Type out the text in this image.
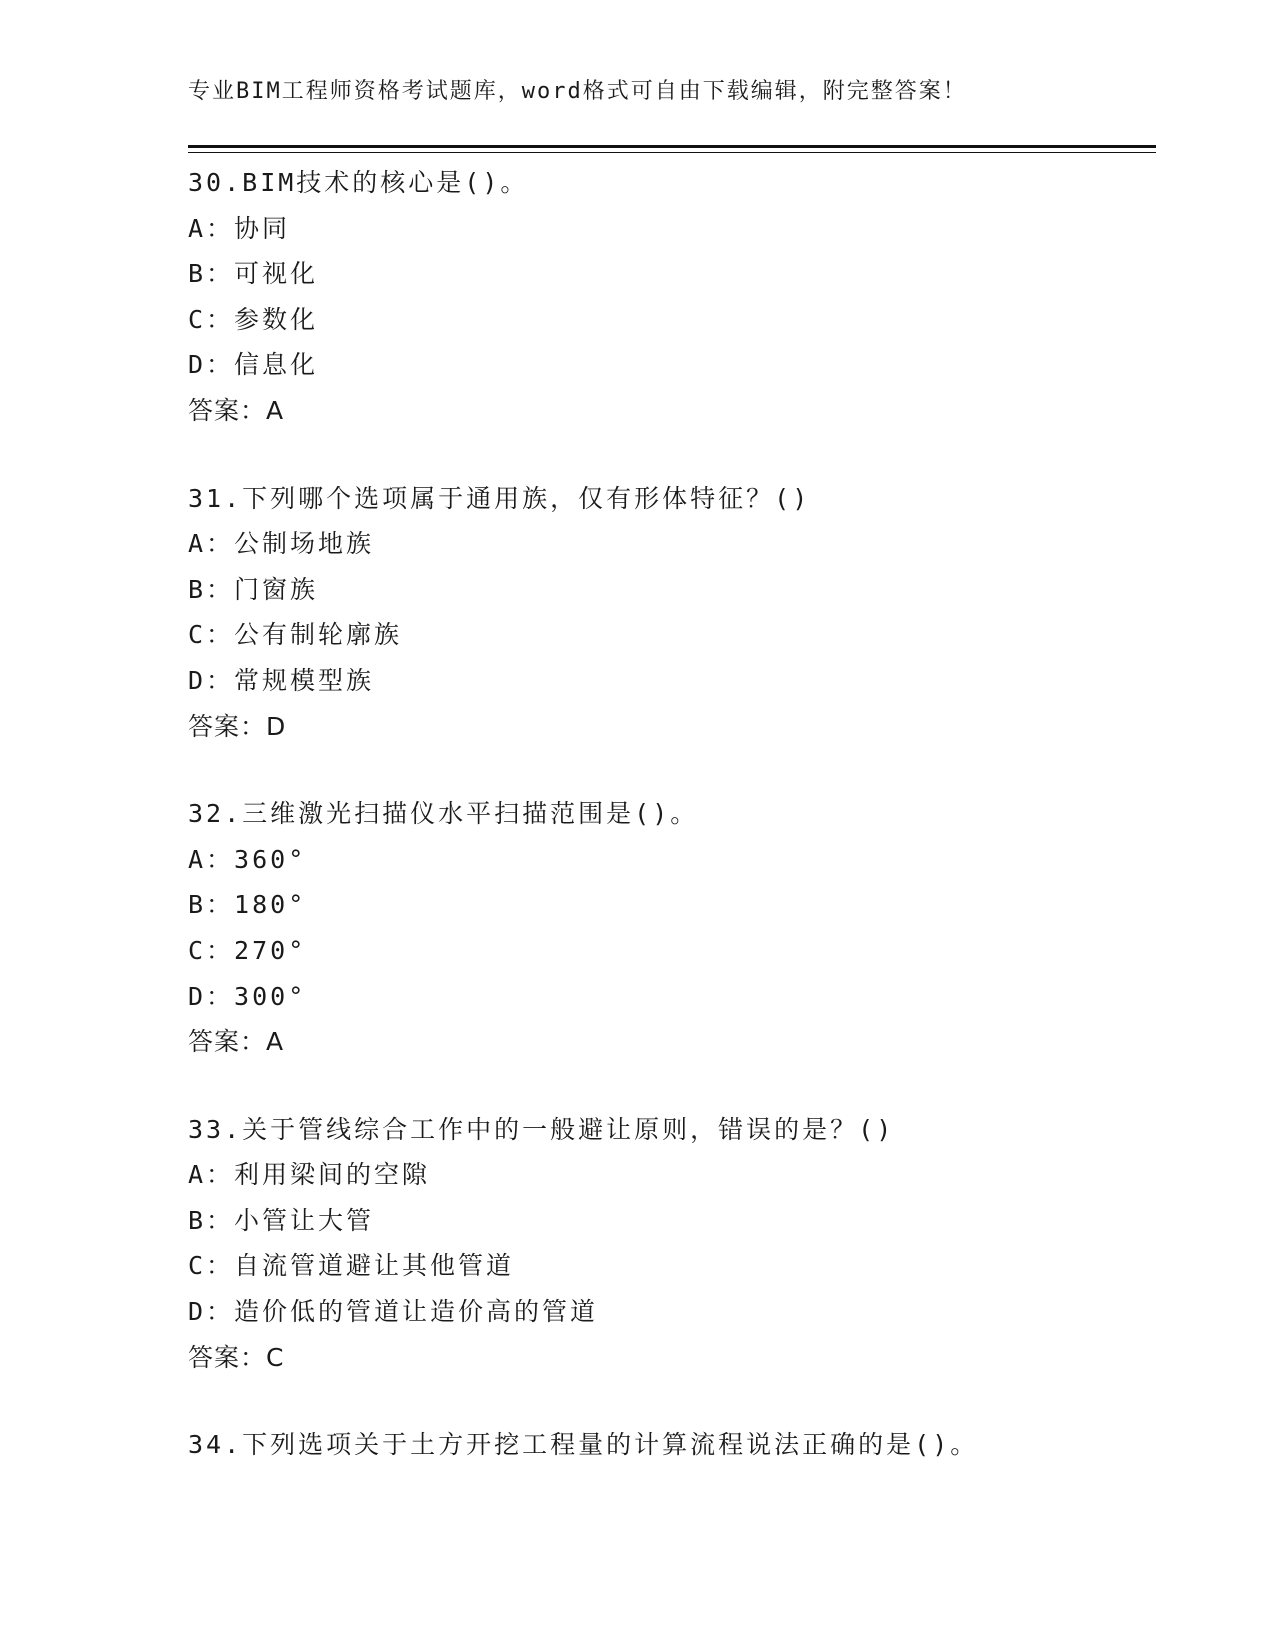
专业BIM工程师资格考试题库，word格式可自由下载编辑，附完整答案！
30.BIM技术的核心是()。
A：协同
B：可视化
C：参数化
D：信息化
答案：A
31.下列哪个选项属于通用族，仅有形体特征？()
A：公制场地族
B：门窗族
C：公有制轮廓族
D：常规模型族
答案：D
32.三维激光扫描仪水平扫描范围是()。
A：360°
B：180°
C：270°
D：300°
答案：A
33.关于管线综合工作中的一般避让原则，错误的是？()
A：利用梁间的空隙
B：小管让大管
C：自流管道避让其他管道
D：造价低的管道让造价高的管道
答案：C
34.下列选项关于土方开挖工程量的计算流程说法正确的是()。
